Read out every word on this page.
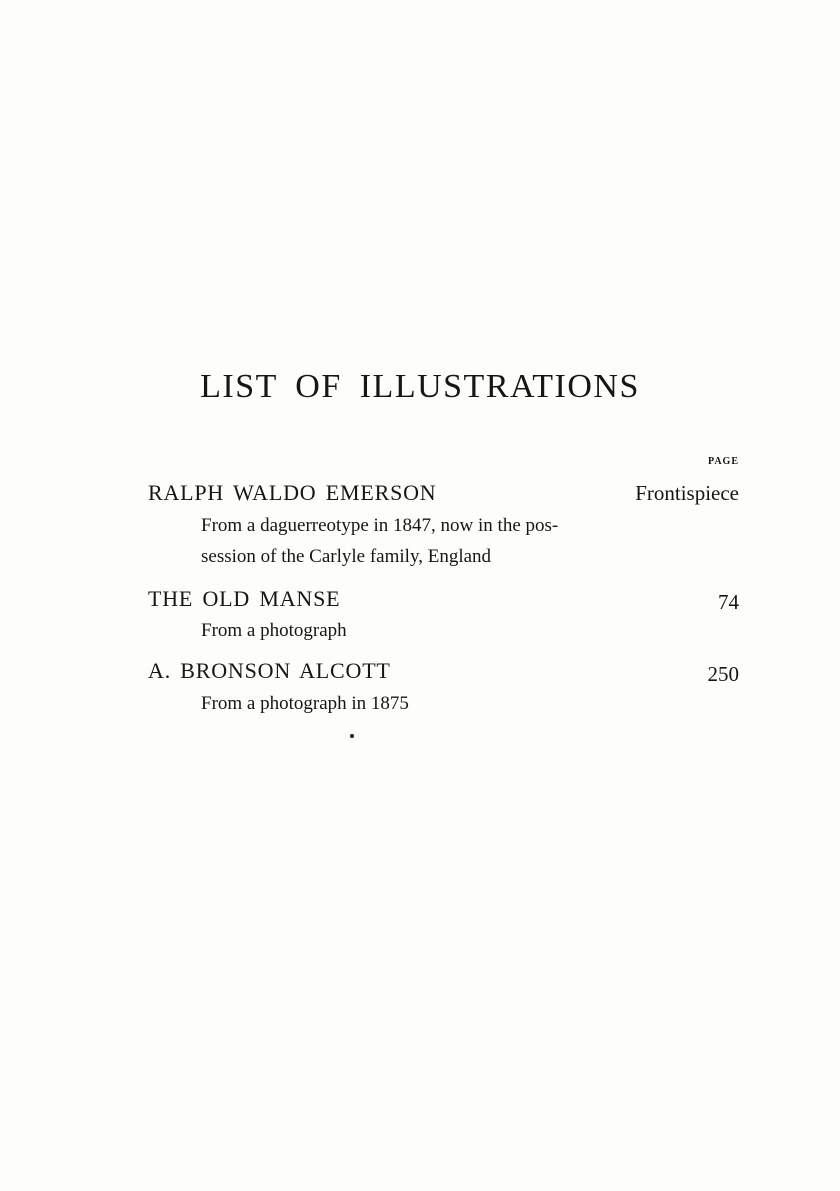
LIST OF ILLUSTRATIONS
PAGE
RALPH WALDO EMERSON	Frontispiece
From a daguerreotype in 1847, now in the pos-
session of the Carlyle family, England
THE OLD MANSE	74
From a photograph
A. BRONSON ALCOTT	250
From a photograph in 1875
